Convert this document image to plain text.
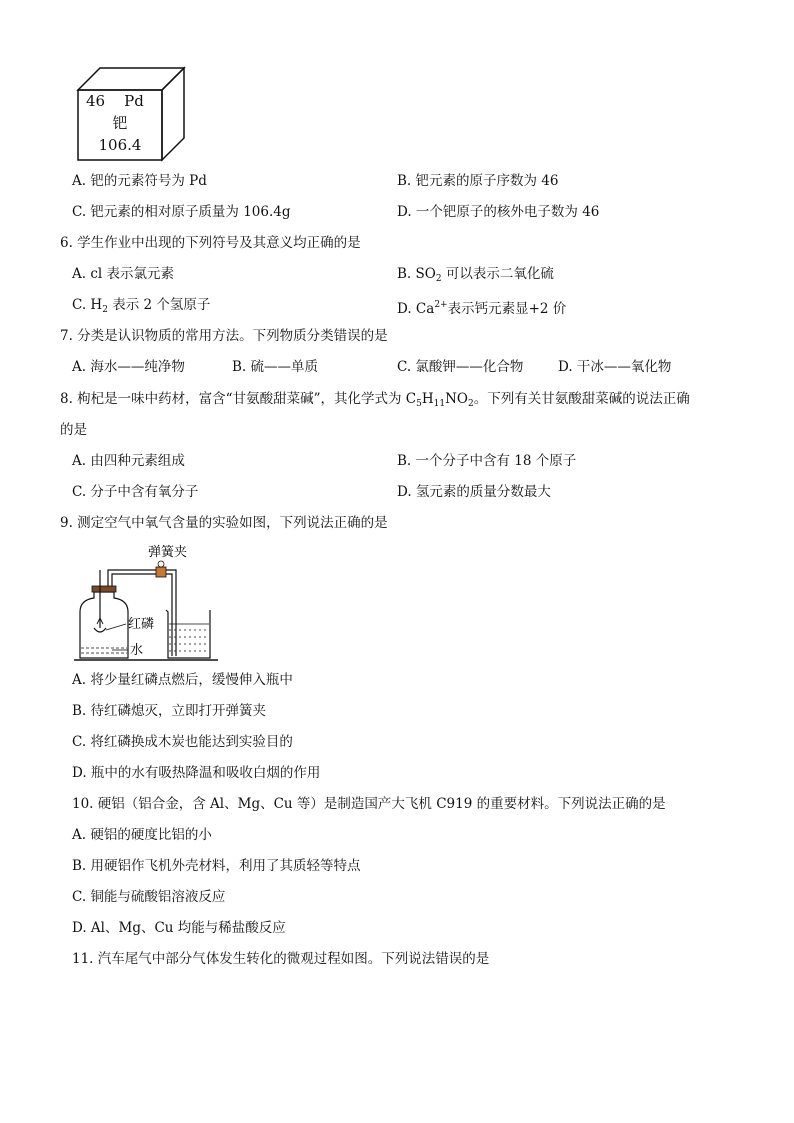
46 Pd
钯
106.4
A. 钯的元素符号为 Pd	B. 钯元素的原子序数为 46
C. 钯元素的相对原子质量为 106.4g	D. 一个钯原子的核外电子数为 46
6. 学生作业中出现的下列符号及其意义均正确的是
A. cl 表示氯元素	B. $SO_2$ 可以表示二氧化硫
C. $H_2$ 表示 2 个氢原子	D. $Ca^{2+}$表示钙元素显+2 价
7. 分类是认识物质的常用方法。下列物质分类错误的是
A. 海水——纯净物	B. 硫——单质	C. 氯酸钾——化合物	D. 干冰——氧化物
8. 枸杞是一味中药材，富含“甘氨酸甜菜碱”，其化学式为 $C_5H_{11}NO_2$。下列有关甘氨酸甜菜碱的说法正确
的是
A. 由四种元素组成	B. 一个分子中含有 18 个原子
C. 分子中含有氧分子	D. 氢元素的质量分数最大
9. 测定空气中氧气含量的实验如图，下列说法正确的是
弹簧夹
红磷
水
A. 将少量红磷点燃后，缓慢伸入瓶中
B. 待红磷熄灭，立即打开弹簧夹
C. 将红磷换成木炭也能达到实验目的
D. 瓶中的水有吸热降温和吸收白烟的作用
10. 硬铝（铝合金，含 Al、Mg、Cu 等）是制造国产大飞机 C919 的重要材料。下列说法正确的是
A. 硬铝的硬度比铝的小
B. 用硬铝作飞机外壳材料，利用了其质轻等特点
C. 铜能与硫酸铝溶液反应
D. Al、Mg、Cu 均能与稀盐酸反应
11. 汽车尾气中部分气体发生转化的微观过程如图。下列说法错误的是
